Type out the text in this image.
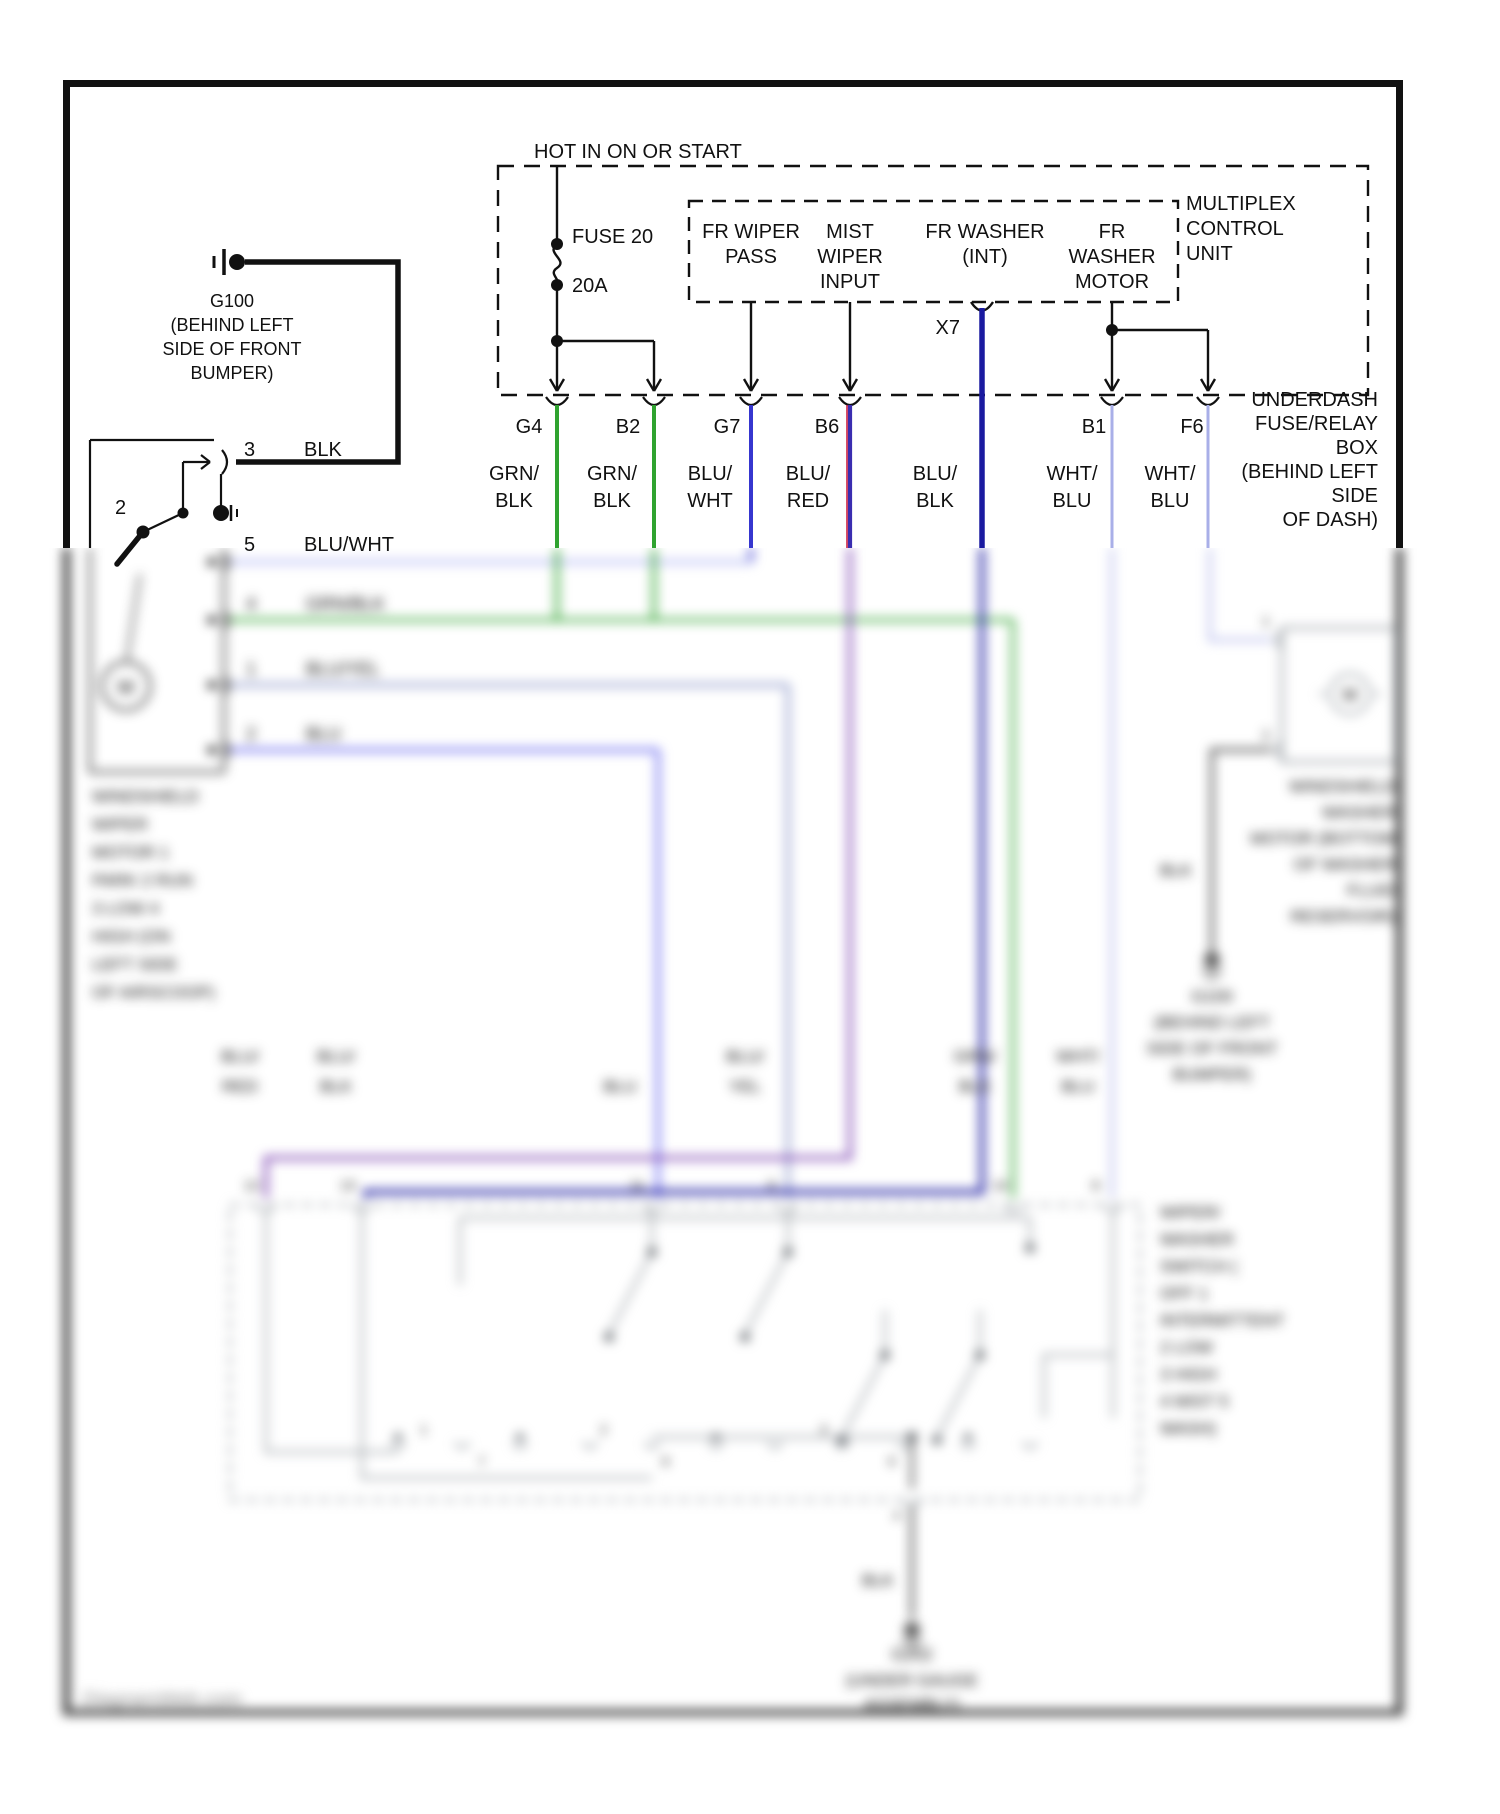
HOT IN ON OR START
FUSE 20
20A
FR WIPER
PASS
MIST
WIPER
INPUT
FR WASHER
(INT)
FR
WASHER
MOTOR
MULTIPLEX
CONTROL
UNIT
X7
G4	B2	G7	B6	B1	F6
GRN/
BLK
GRN/
BLK
BLU/
WHT
BLU/
RED
BLU/
BLK
WHT/
BLU
WHT/
BLU
UNDERDASH
FUSE/RELAY
BOX
(BEHIND LEFT
SIDE
OF DASH)
G100
(BEHIND LEFT
SIDE OF FRONT
BUMPER)
2
3 BLK
5 BLU/WHT
M
4	GRN/BLK
1	BLU/YEL
2	BLU
WINDSHIELD
WIPER
MOTOR 1
PARK 2 RUN
3 LOW 4
HIGH (ON
LEFT SIDE
OF AIRSCOOP)
M
1
2
BLK
WINDSHIELD
WASHER
MOTOR (BOTTOM
OF WASHER
FLUID
RESERVOIR)
G100
(BEHIND LEFT
SIDE OF FRONT
BUMPER)
BLU/
RED
BLU/
BLK	BLU
BLU/
YEL
GRN/
BLK
WHT/
BLU
12	13	11	5	14	6
1
7
2
8
3
9
WIPER/
WASHER
SWITCH (
OFF 1
INTERMITTENT
2 LOW
3 HIGH
4 MIST 5
WASH)
4
BLK
G202
(UNDER GAUGE
ASSEMBLY)
DiagramWeb.com
